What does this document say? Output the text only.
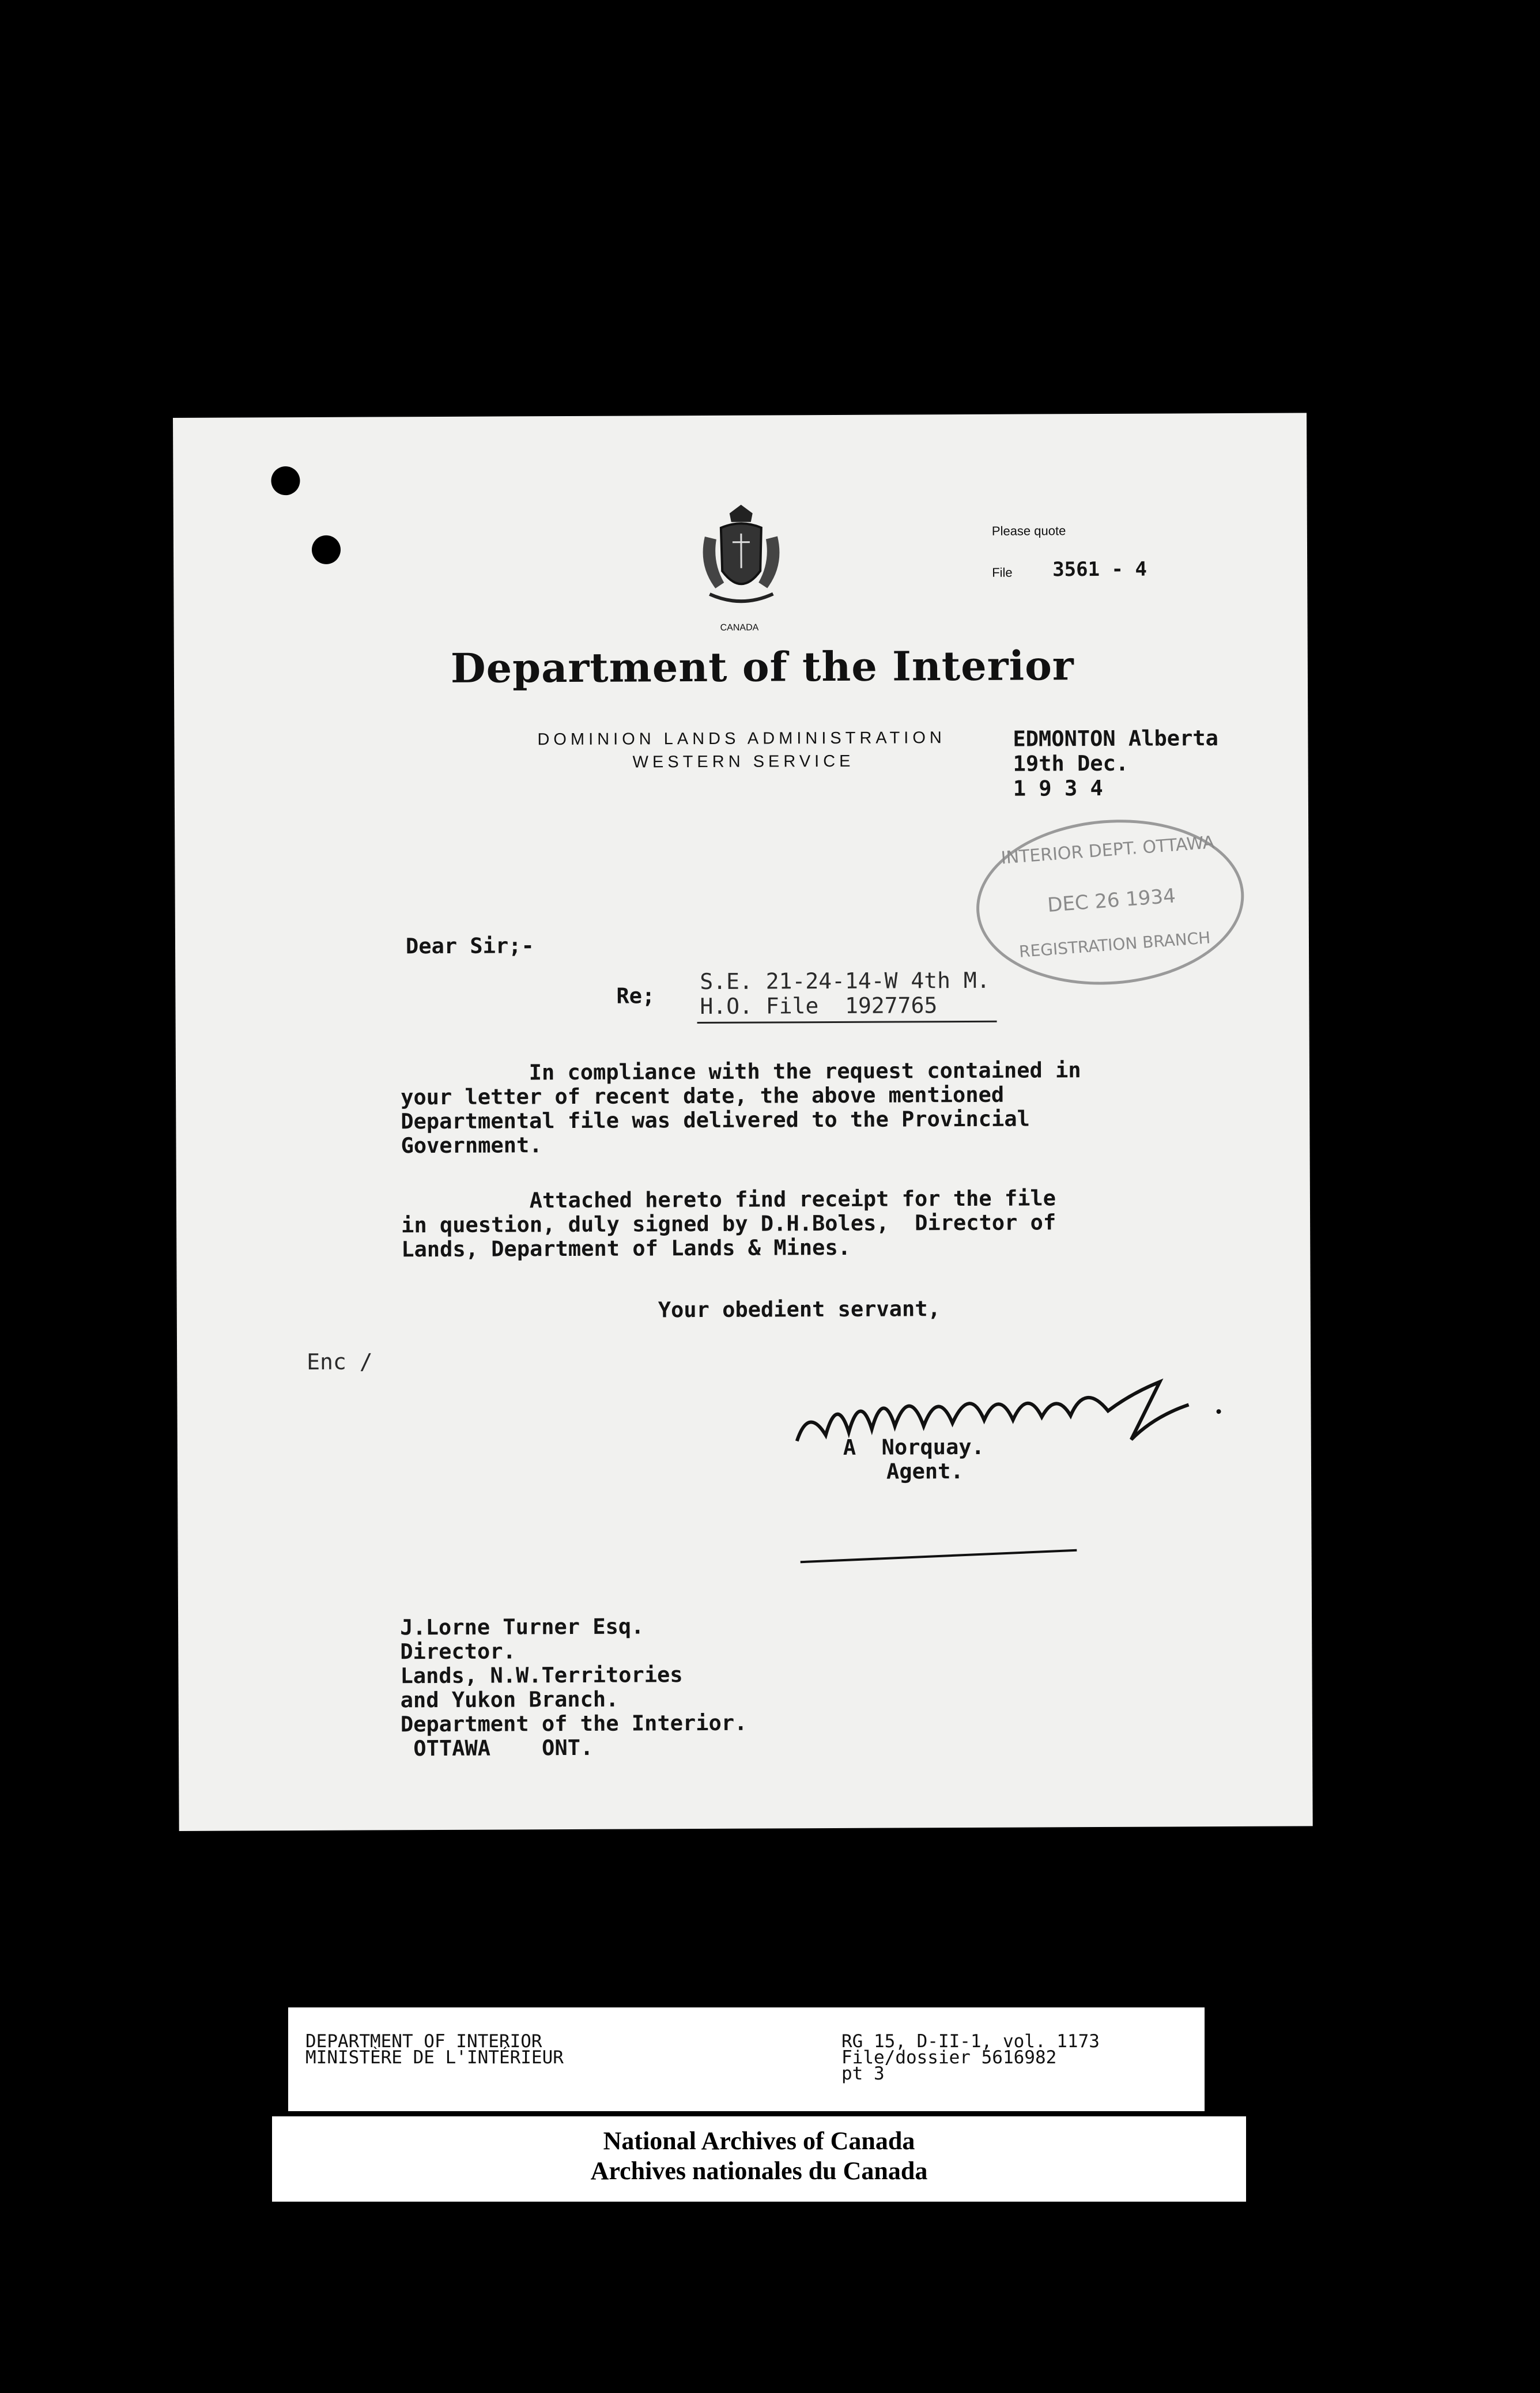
CANADA
Please quote
File 3561 - 4
Department of the Interior
DOMINION LANDS ADMINISTRATION
WESTERN SERVICE
EDMONTON Alberta
19th Dec.
1 9 3 4
INTERIOR DEPT. OTTAWA
DEC 26 1934
REGISTRATION BRANCH
Dear Sir;-
Re;
S.E. 21-24-14-W 4th M.
H.O. File  1927765
In compliance with the request contained in
your letter of recent date, the above mentioned
Departmental file was delivered to the Provincial
Government.
Attached hereto find receipt for the file
in question, duly signed by D.H.Boles,  Director of
Lands, Department of Lands & Mines.
Your obedient servant,
Enc /
A  Norquay.
Agent.
J.Lorne Turner Esq.
Director.
Lands, N.W.Territories
and Yukon Branch.
Department of the Interior.
OTTAWA    ONT.
DEPARTMENT OF INTERIOR
MINISTÈRE DE L'INTÉRIEUR
RG 15, D-II-1, vol. 1173
File/dossier 5616982
pt 3
National Archives of Canada
Archives nationales du Canada
